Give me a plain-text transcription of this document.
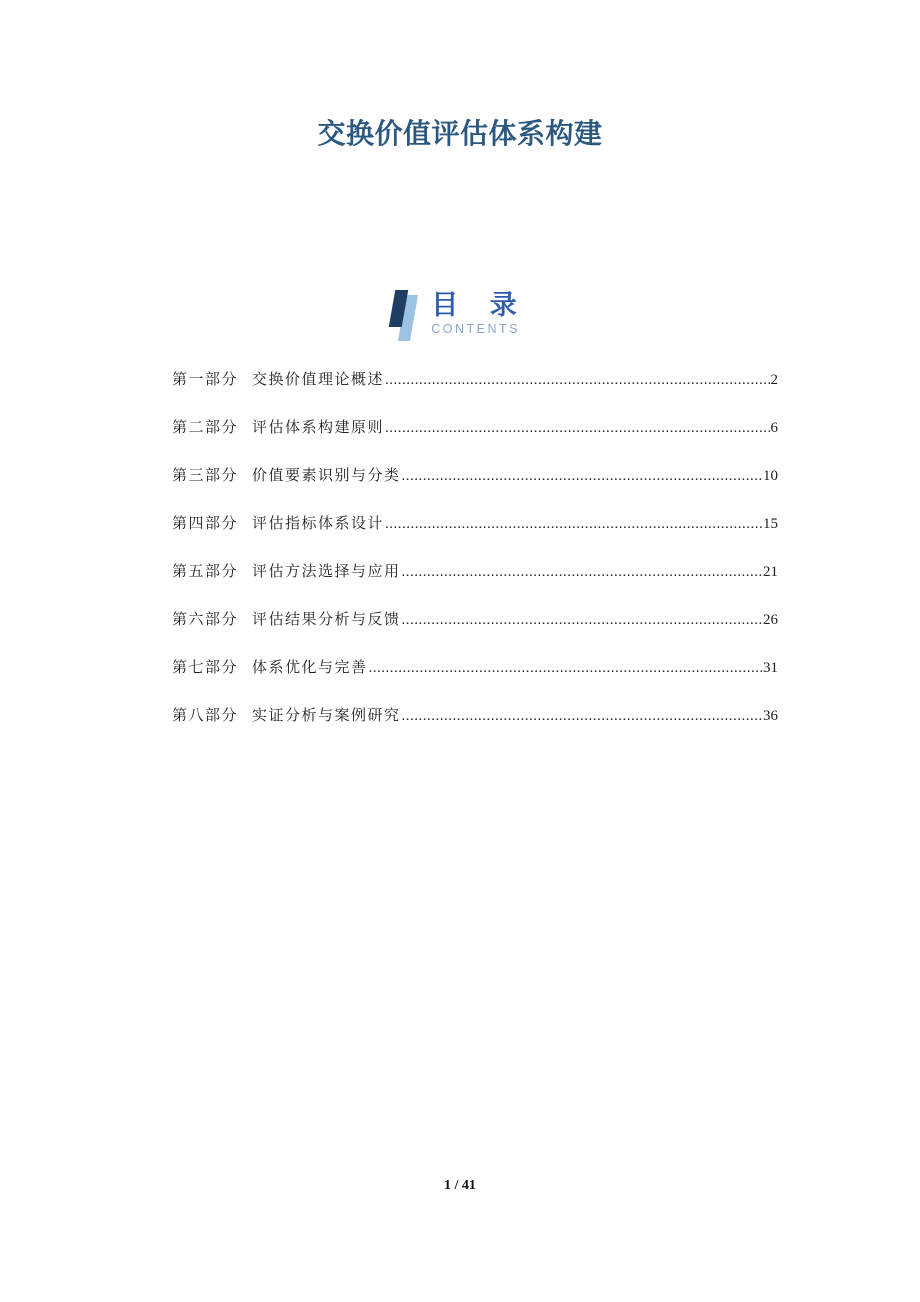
交换价值评估体系构建
目 录
CONTENTS
第一部分 交换价值理论概述 .....	2
第二部分 评估体系构建原则 .....	6
第三部分 价值要素识别与分类 .....	10
第四部分 评估指标体系设计 .....	15
第五部分 评估方法选择与应用 .....	21
第六部分 评估结果分析与反馈 .....	26
第七部分 体系优化与完善 .....	31
第八部分 实证分析与案例研究 .....	36
1 / 41
